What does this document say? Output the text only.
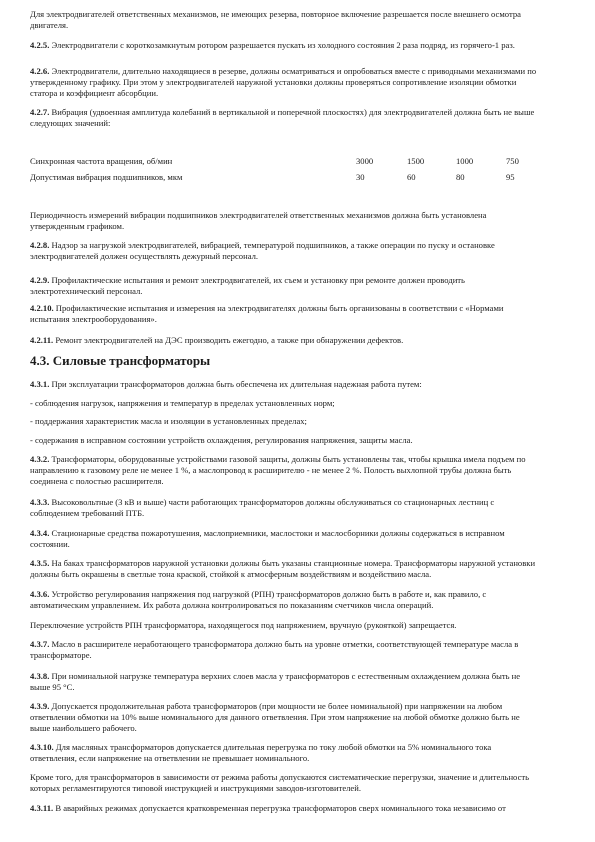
Для электродвигателей ответственных механизмов, не имеющих резерва, повторное включение разрешается после внешнего осмотра
двигателя.
4.2.5. Электродвигатели с короткозамкнутым ротором разрешается пускать из холодного состояния 2 раза подряд, из горячего-1 раз.
4.2.6. Электродвигатели, длительно находящиеся в резерве, должны осматриваться и опробоваться вместе с приводными механизмами по
утвержденному графику. При этом у электродвигателей наружной установки должны проверяться сопротивление изоляции обмотки
статора и коэффициент абсорбции.
4.2.7. Вибрация (удвоенная амплитуда колебаний в вертикальной и поперечной плоскостях) для электродвигателей должна быть не выше
следующих значений:
Синхронная частота вращения, об/мин	3000	1500	1000	750
Допустимая вибрация подшипников, мкм	30	60	80	95
Периодичность измерений вибрации подшипников электродвигателей ответственных механизмов должна быть установлена
утвержденным графиком.
4.2.8. Надзор за нагрузкой электродвигателей, вибрацией, температурой подшипников, а также операции по пуску и остановке
электродвигателей должен осуществлять дежурный персонал.
4.2.9. Профилактические испытания и ремонт электродвигателей, их съем и установку при ремонте должен проводить
электротехнический персонал.
4.2.10. Профилактические испытания и измерения на электродвигателях должны быть организованы в соответствии с «Нормами
испытания электрооборудования».
4.2.11. Ремонт электродвигателей на ДЭС производить ежегодно, а также при обнаружении дефектов.
4.3. Силовые трансформаторы
4.3.1. При эксплуатации трансформаторов должна быть обеспечена их длительная надежная работа путем:
- соблюдения нагрузок, напряжения и температур в пределах установленных норм;
- поддержания характеристик масла и изоляции в установленных пределах;
- содержания в исправном состоянии устройств охлаждения, регулирования напряжения, защиты масла.
4.3.2. Трансформаторы, оборудованные устройствами газовой защиты, должны быть установлены так, чтобы крышка имела подъем по
направлению к газовому реле не менее 1 %, а маслопровод к расширителю - не менее 2 %. Полость выхлопной трубы должна быть
соединена с полостью расширителя.
4.3.3. Высоковольтные (3 кВ и выше) части работающих трансформаторов должны обслуживаться со стационарных лестниц с
соблюдением требований ПТБ.
4.3.4. Стационарные средства пожаротушения, маслоприемники, маслостоки и маслосборники должны содержаться в исправном
состоянии.
4.3.5. На баках трансформаторов наружной установки должны быть указаны станционные номера. Трансформаторы наружной установки
должны быть окрашены в светлые тона краской, стойкой к атмосферным воздействиям и воздействию масла.
4.3.6. Устройство регулирования напряжения под нагрузкой (РПН) трансформаторов должно быть в работе и, как правило, с
автоматическим управлением. Их работа должна контролироваться по показаниям счетчиков числа операций.
Переключение устройств РПН трансформатора, находящегося под напряжением, вручную (рукояткой) запрещается.
4.3.7. Масло в расширителе неработающего трансформатора должно быть на уровне отметки, соответствующей температуре масла в
трансформаторе.
4.3.8. При номинальной нагрузке температура верхних слоев масла у трансформаторов с естественным охлаждением должна быть не
выше 95 °С.
4.3.9. Допускается продолжительная работа трансформаторов (при мощности не более номинальной) при напряжении на любом
ответвлении обмотки на 10% выше номинального для данного ответвления. При этом напряжение на любой обмотке должно быть не
выше наибольшего рабочего.
4.3.10. Для масляных трансформаторов допускается длительная перегрузка по току любой обмотки на 5% номинального тока
ответвления, если напряжение на ответвлении не превышает номинального.
Кроме того, для трансформаторов в зависимости от режима работы допускаются систематические перегрузки, значение и длительность
которых регламентируются типовой инструкцией и инструкциями заводов-изготовителей.
4.3.11. В аварийных режимах допускается кратковременная перегрузка трансформаторов сверх номинального тока независимо от
